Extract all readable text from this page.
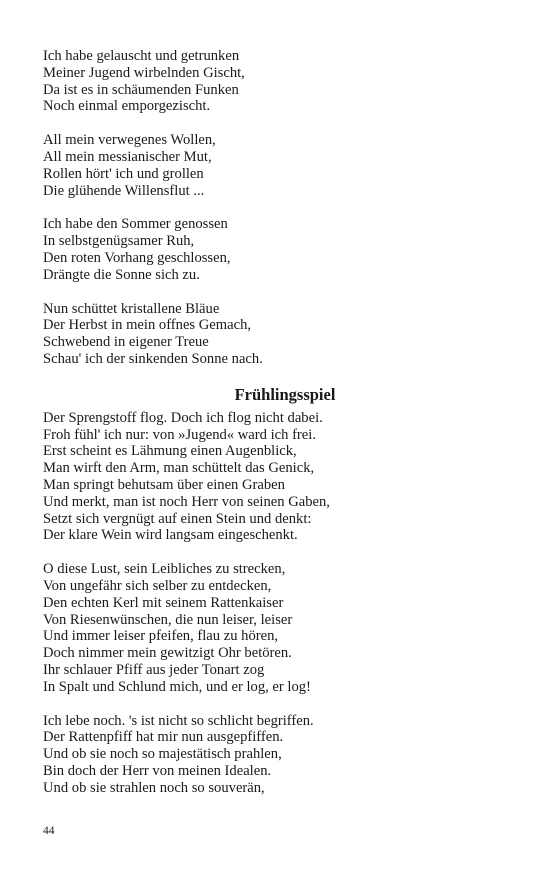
Ich habe gelauscht und getrunken
Meiner Jugend wirbelnden Gischt,
Da ist es in schäumenden Funken
Noch einmal emporgezischt.
All mein verwegenes Wollen,
All mein messianischer Mut,
Rollen hört' ich und grollen
Die glühende Willensflut ...
Ich habe den Sommer genossen
In selbstgenügsamer Ruh,
Den roten Vorhang geschlossen,
Drängte die Sonne sich zu.
Nun schüttet kristallene Bläue
Der Herbst in mein offnes Gemach,
Schwebend in eigener Treue
Schau' ich der sinkenden Sonne nach.
Frühlingsspiel
Der Sprengstoff flog. Doch ich flog nicht dabei.
Froh fühl' ich nur: von »Jugend« ward ich frei.
Erst scheint es Lähmung einen Augenblick,
Man wirft den Arm, man schüttelt das Genick,
Man springt behutsam über einen Graben
Und merkt, man ist noch Herr von seinen Gaben,
Setzt sich vergnügt auf einen Stein und denkt:
Der klare Wein wird langsam eingeschenkt.
O diese Lust, sein Leibliches zu strecken,
Von ungefähr sich selber zu entdecken,
Den echten Kerl mit seinem Rattenkaiser
Von Riesenwünschen, die nun leiser, leiser
Und immer leiser pfeifen, flau zu hören,
Doch nimmer mein gewitzigt Ohr betören.
Ihr schlauer Pfiff aus jeder Tonart zog
In Spalt und Schlund mich, und er log, er log!
Ich lebe noch. 's ist nicht so schlicht begriffen.
Der Rattenpfiff hat mir nun ausgepfiffen.
Und ob sie noch so majestätisch prahlen,
Bin doch der Herr von meinen Idealen.
Und ob sie strahlen noch so souverän,
44
